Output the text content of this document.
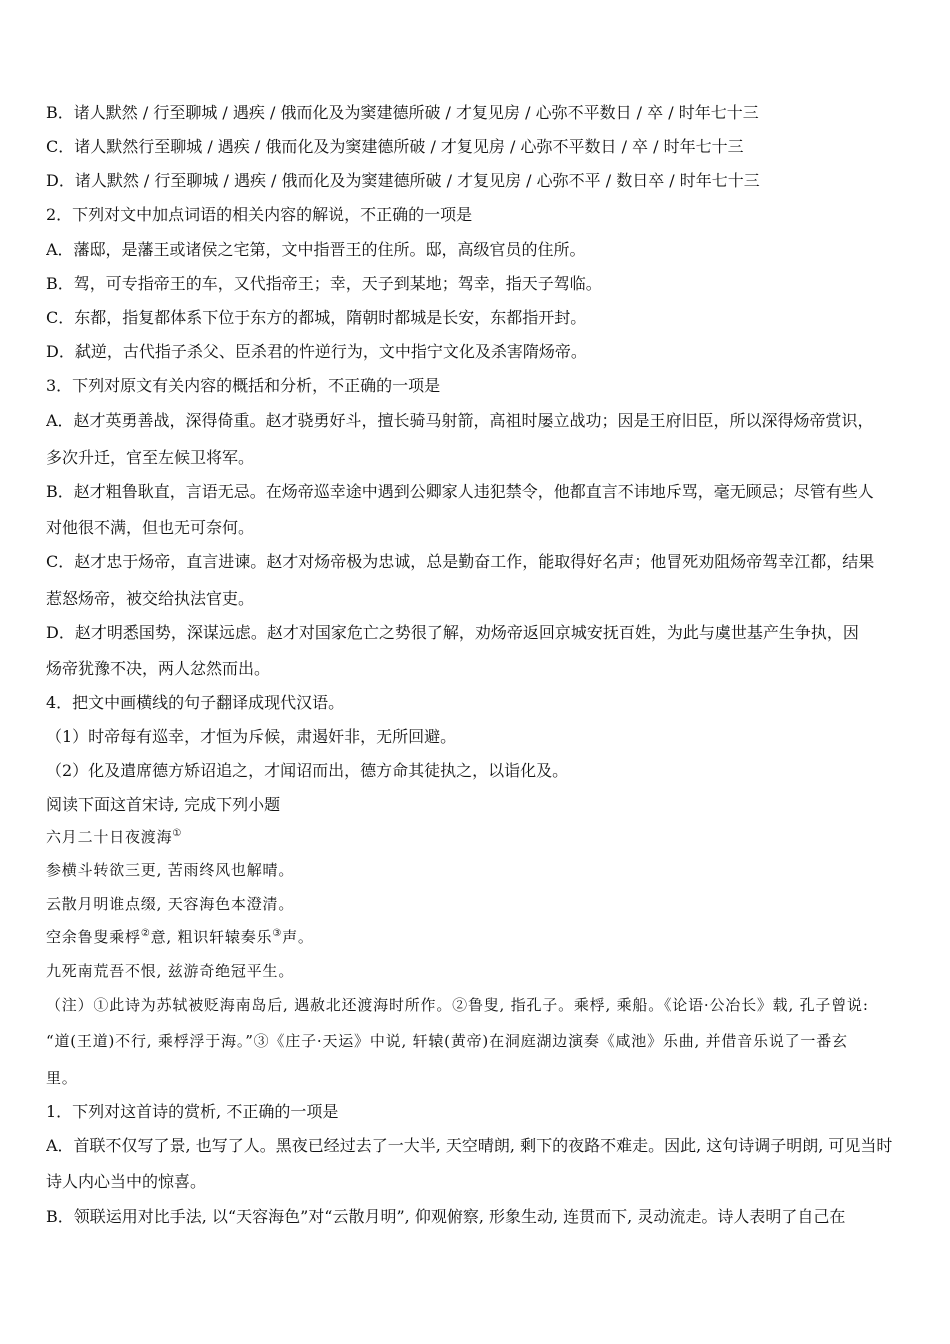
B．诸人默然 / 行至聊城 / 遇疾 / 俄而化及为窦建德所破 / 才复见房 / 心弥不平数日 / 卒 / 时年七十三
C．诸人默然行至聊城 / 遇疾 / 俄而化及为窦建德所破 / 才复见房 / 心弥不平数日 / 卒 / 时年七十三
D．诸人默然 / 行至聊城 / 遇疾 / 俄而化及为窦建德所破 / 才复见房 / 心弥不平 / 数日卒 / 时年七十三
2．下列对文中加点词语的相关内容的解说，不正确的一项是
A．藩邸，是藩王或诸侯之宅第，文中指晋王的住所。邸，高级官员的住所。
B．驾，可专指帝王的车，又代指帝王；幸，天子到某地；驾幸，指天子驾临。
C．东都，指复都体系下位于东方的都城，隋朝时都城是长安，东都指开封。
D．弑逆，古代指子杀父、臣杀君的忤逆行为，文中指宁文化及杀害隋炀帝。
3．下列对原文有关内容的概括和分析，不正确的一项是
A．赵才英勇善战，深得倚重。赵才骁勇好斗，擅长骑马射箭，高祖时屡立战功；因是王府旧臣，所以深得炀帝赏识，
多次升迁，官至左候卫将军。
B．赵才粗鲁耿直，言语无忌。在炀帝巡幸途中遇到公卿家人违犯禁令，他都直言不讳地斥骂，毫无顾忌；尽管有些人
对他很不满，但也无可奈何。
C．赵才忠于炀帝，直言进谏。赵才对炀帝极为忠诚，总是勤奋工作，能取得好名声；他冒死劝阻炀帝驾幸江都，结果
惹怒炀帝，被交给执法官吏。
D．赵才明悉国势，深谋远虑。赵才对国家危亡之势很了解，劝炀帝返回京城安抚百姓，为此与虞世基产生争执，因
炀帝犹豫不决，两人忿然而出。
4．把文中画横线的句子翻译成现代汉语。
（1）时帝每有巡幸，才恒为斥候，肃遏奸非，无所回避。
（2）化及遣席德方矫诏追之，才闻诏而出，德方命其徒执之，以诣化及。
阅读下面这首宋诗, 完成下列小题
六月二十日夜渡海①
参横斗转欲三更, 苦雨终风也解晴。
云散月明谁点缀, 天容海色本澄清。
空余鲁叟乘桴②意, 粗识轩辕奏乐③声。
九死南荒吾不恨, 兹游奇绝冠平生。
（注）①此诗为苏轼被贬海南岛后, 遇赦北还渡海时所作。②鲁叟, 指孔子。乘桴, 乘船。《论语·公冶长》载, 孔子曾说:
“道(王道)不行, 乘桴浮于海。”③《庄子·天运》中说, 轩辕(黄帝)在洞庭湖边演奏《咸池》乐曲, 并借音乐说了一番玄
里。
1．下列对这首诗的赏析, 不正确的一项是
A．首联不仅写了景, 也写了人。黑夜已经过去了一大半, 天空晴朗, 剩下的夜路不难走。因此, 这句诗调子明朗, 可见当时
诗人内心当中的惊喜。
B．领联运用对比手法, 以“天容海色”对“云散月明”, 仰观俯察, 形象生动, 连贯而下, 灵动流走。诗人表明了自己在
